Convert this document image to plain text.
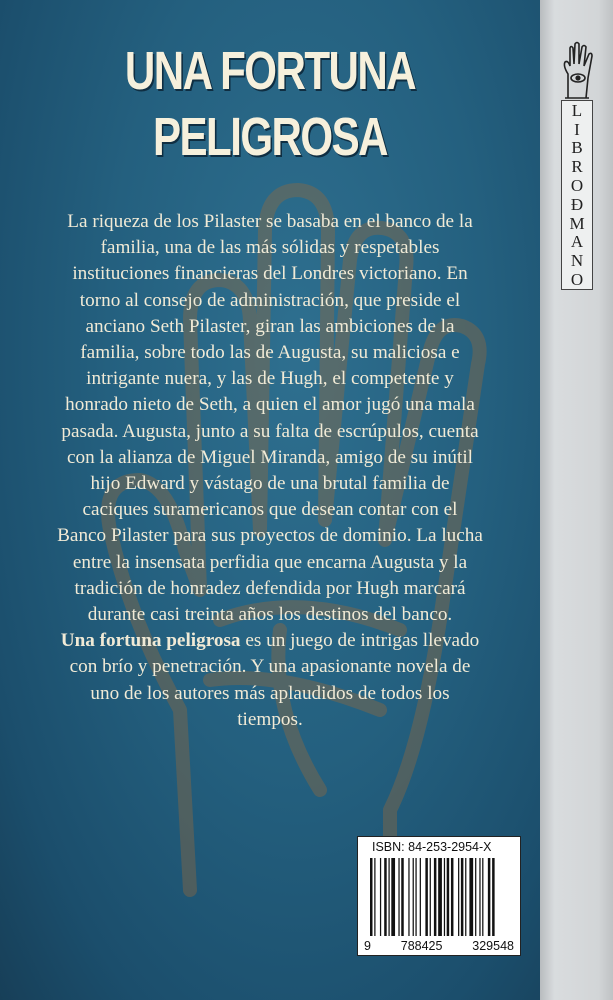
UNA FORTUNA
PELIGROSA

La riqueza de los Pilaster se basaba en el banco de la familia, una de las más sólidas y respetables instituciones financieras del Londres victoriano. En torno al consejo de administración, que preside el anciano Seth Pilaster, giran las ambiciones de la familia, sobre todo las de Augusta, su maliciosa e intrigante nuera, y las de Hugh, el competente y honrado nieto de Seth, a quien el amor jugó una mala pasada. Augusta, junto a su falta de escrúpulos, cuenta con la alianza de Miguel Miranda, amigo de su inútil hijo Edward y vástago de una brutal familia de caciques suramericanos que desean contar con el Banco Pilaster para sus proyectos de dominio. La lucha entre la insensata perfidia que encarna Augusta y la tradición de honradez defendida por Hugh marcará durante casi treinta años los destinos del banco.

Una fortuna peligrosa es un juego de intrigas llevado con brío y penetración. Y una apasionante novela de uno de los autores más aplaudidos de todos los tiempos.

ISBN: 84-253-2954-X
9 788425 329548
L
I
B
R
O
Đ
M
A
N
O
